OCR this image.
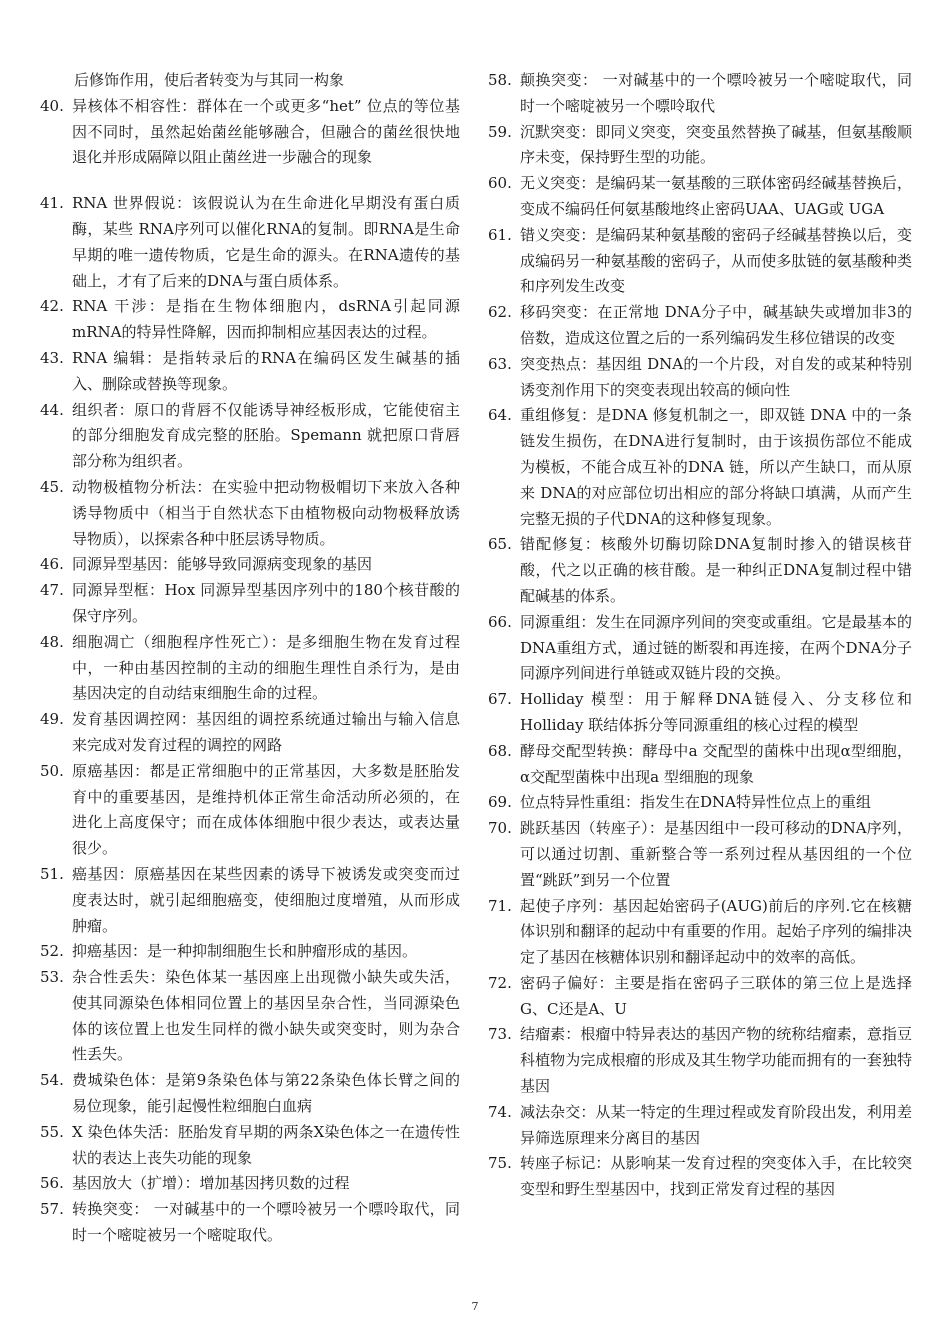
后修饰作用，使后者转变为与其同一构象
40. 异核体不相容性：群体在一个或更多“het” 位点的等位基因不同时，虽然起始菌丝能够融合，但融合的菌丝很快地退化并形成隔障以阻止菌丝进一步融合的现象
41. RNA 世界假说：该假说认为在生命进化早期没有蛋白质酶，某些 RNA序列可以催化RNA的复制。即RNA是生命早期的唯一遗传物质，它是生命的源头。在RNA遗传的基础上，才有了后来的DNA与蛋白质体系。
42. RNA 干涉：是指在生物体细胞内，dsRNA引起同源mRNA的特异性降解，因而抑制相应基因表达的过程。
43. RNA 编辑：是指转录后的RNA在编码区发生碱基的插入、删除或替换等现象。
44. 组织者：原口的背唇不仅能诱导神经板形成，它能使宿主的部分细胞发育成完整的胚胎。Spemann 就把原口背唇部分称为组织者。
45. 动物极植物分析法：在实验中把动物极帽切下来放入各种诱导物质中（相当于自然状态下由植物极向动物极释放诱导物质），以探索各种中胚层诱导物质。
46. 同源异型基因：能够导致同源病变现象的基因
47. 同源异型框：Hox 同源异型基因序列中的180个核苷酸的保守序列。
48. 细胞凋亡（细胞程序性死亡）：是多细胞生物在发育过程中，一种由基因控制的主动的细胞生理性自杀行为，是由基因决定的自动结束细胞生命的过程。
49. 发育基因调控网：基因组的调控系统通过输出与输入信息来完成对发育过程的调控的网路
50. 原癌基因：都是正常细胞中的正常基因，大多数是胚胎发育中的重要基因，是维持机体正常生命活动所必须的，在进化上高度保守；而在成体体细胞中很少表达，或表达量很少。
51. 癌基因：原癌基因在某些因素的诱导下被诱发或突变而过度表达时，就引起细胞癌变，使细胞过度增殖，从而形成肿瘤。
52. 抑癌基因：是一种抑制细胞生长和肿瘤形成的基因。
53. 杂合性丢失：染色体某一基因座上出现微小缺失或失活，使其同源染色体相同位置上的基因呈杂合性，当同源染色体的该位置上也发生同样的微小缺失或突变时，则为杂合性丢失。
54. 费城染色体：是第9条染色体与第22条染色体长臂之间的易位现象，能引起慢性粒细胞白血病
55. X 染色体失活：胚胎发育早期的两条X染色体之一在遗传性状的表达上丧失功能的现象
56. 基因放大（扩增）：增加基因拷贝数的过程
57. 转换突变： 一对碱基中的一个嘌呤被另一个嘌呤取代，同时一个嘧啶被另一个嘧啶取代。
58. 颠换突变： 一对碱基中的一个嘌呤被另一个嘧啶取代，同时一个嘧啶被另一个嘌呤取代
59. 沉默突变：即同义突变，突变虽然替换了碱基，但氨基酸顺序未变，保持野生型的功能。
60. 无义突变：是编码某一氨基酸的三联体密码经碱基替换后，变成不编码任何氨基酸地终止密码UAA、UAG或 UGA
61. 错义突变：是编码某种氨基酸的密码子经碱基替换以后，变成编码另一种氨基酸的密码子，从而使多肽链的氨基酸种类和序列发生改变
62. 移码突变：在正常地 DNA分子中，碱基缺失或增加非3的倍数，造成这位置之后的一系列编码发生移位错误的改变
63. 突变热点：基因组 DNA的一个片段，对自发的或某种特别诱变剂作用下的突变表现出较高的倾向性
64. 重组修复：是DNA 修复机制之一，即双链 DNA 中的一条链发生损伤，在DNA进行复制时，由于该损伤部位不能成为模板，不能合成互补的DNA 链，所以产生缺口，而从原来 DNA的对应部位切出相应的部分将缺口填满，从而产生完整无损的子代DNA的这种修复现象。
65. 错配修复：核酸外切酶切除DNA复制时掺入的错误核苷酸，代之以正确的核苷酸。是一种纠正DNA复制过程中错配碱基的体系。
66. 同源重组：发生在同源序列间的突变或重组。它是最基本的 DNA重组方式，通过链的断裂和再连接，在两个DNA分子同源序列间进行单链或双链片段的交换。
67. Holliday 模型：用于解释DNA链侵入、分支移位和Holliday 联结体拆分等同源重组的核心过程的模型
68. 酵母交配型转换：酵母中a 交配型的菌株中出现α型细胞，α交配型菌株中出现a 型细胞的现象
69. 位点特异性重组：指发生在DNA特异性位点上的重组
70. 跳跃基因（转座子）：是基因组中一段可移动的DNA序列，可以通过切割、重新整合等一系列过程从基因组的一个位置“跳跃”到另一个位置
71. 起使子序列：基因起始密码子(AUG)前后的序列.它在核糖体识别和翻译的起动中有重要的作用。起始子序列的编排决定了基因在核糖体识别和翻译起动中的效率的高低。
72. 密码子偏好：主要是指在密码子三联体的第三位上是选择G、C还是A、U
73. 结瘤素：根瘤中特异表达的基因产物的统称结瘤素，意指豆科植物为完成根瘤的形成及其生物学功能而拥有的一套独特基因
74. 减法杂交：从某一特定的生理过程或发育阶段出发，利用差异筛选原理来分离目的基因
75. 转座子标记：从影响某一发育过程的突变体入手，在比较突变型和野生型基因中，找到正常发育过程的基因
7
